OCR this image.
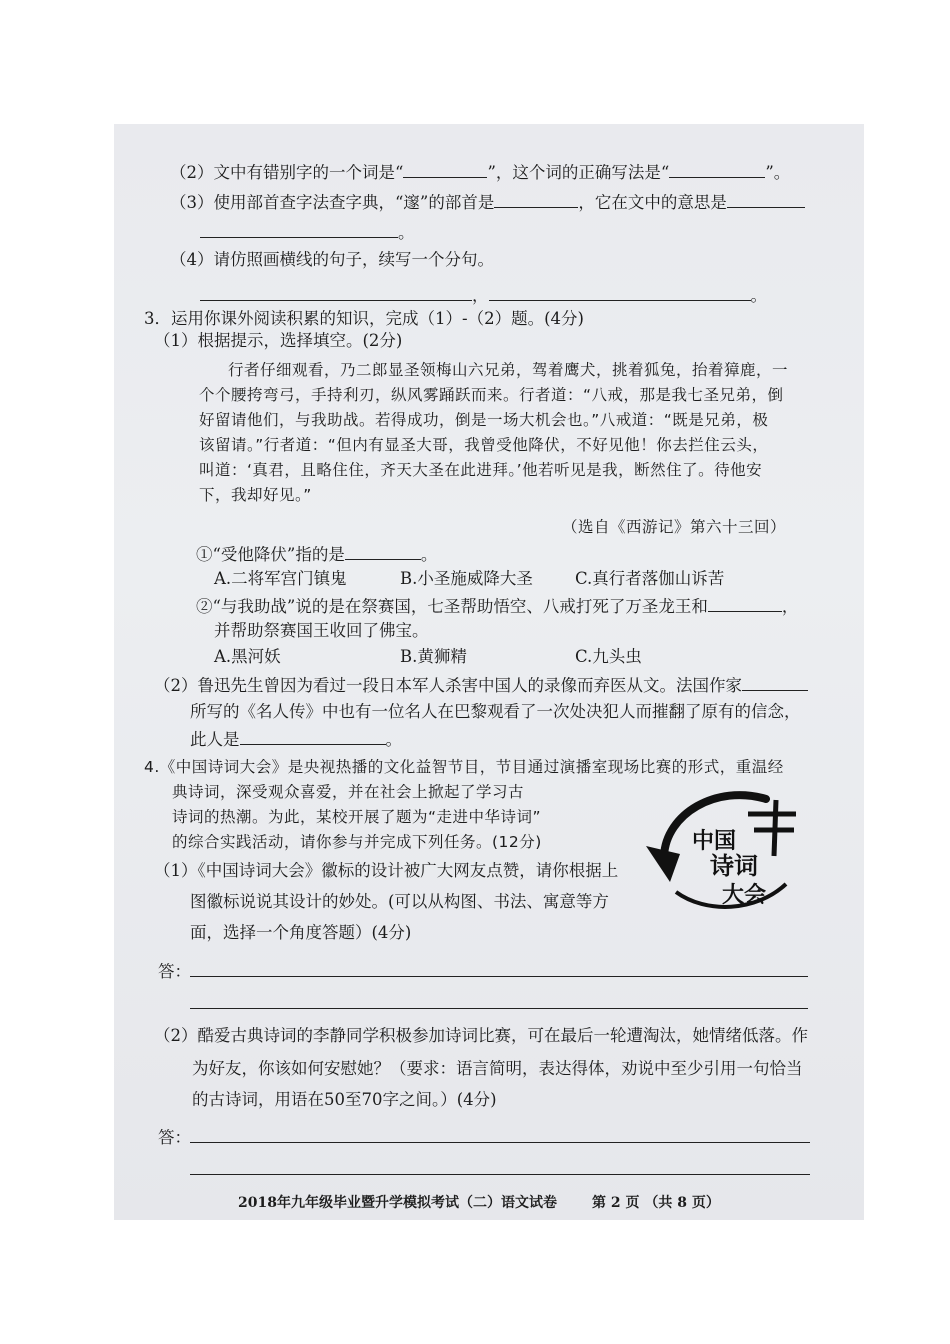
（2）文中有错别字的一个词是“	”，这个词的正确写法是“	”。
（3）使用部首查字法查字典，“邃”的部首是	，它在文中的意思是
。
（4）请仿照画横线的句子，续写一个分句。
，	。
3．运用你课外阅读积累的知识，完成（1）-（2）题。(4分)
（1）根据提示，选择填空。(2分)
行者仔细观看，乃二郎显圣领梅山六兄弟，驾着鹰犬，挑着狐兔，抬着獐鹿，一
个个腰挎弯弓，手持利刃，纵风雾踊跃而来。行者道：“八戒，那是我七圣兄弟，倒
好留请他们，与我助战。若得成功，倒是一场大机会也。”八戒道：“既是兄弟，极
该留请。”行者道：“但内有显圣大哥，我曾受他降伏，不好见他！你去拦住云头，
叫道：‘真君，且略住住，齐天大圣在此进拜。’他若听见是我，断然住了。待他安
下，我却好见。”
（选自《西游记》第六十三回）
①“受他降伏”指的是	。
A.二将军宫门镇鬼	B.小圣施威降大圣	C.真行者落伽山诉苦
②“与我助战”说的是在祭赛国，七圣帮助悟空、八戒打死了万圣龙王和	，
并帮助祭赛国王收回了佛宝。
A.黑河妖	B.黄狮精	C.九头虫
（2）鲁迅先生曾因为看过一段日本军人杀害中国人的录像而弃医从文。法国作家
所写的《名人传》中也有一位名人在巴黎观看了一次处决犯人而摧翻了原有的信念，
此人是	。
4.《中国诗词大会》是央视热播的文化益智节目，节目通过演播室现场比赛的形式，重温经
典诗词，深受观众喜爱，并在社会上掀起了学习古
诗词的热潮。为此，某校开展了题为“走进中华诗词”
的综合实践活动，请你参与并完成下列任务。(12分)	中国
诗词
大会
（1）《中国诗词大会》徽标的设计被广大网友点赞，请你根据上
图徽标说说其设计的妙处。(可以从构图、书法、寓意等方
面，选择一个角度答题）(4分)
答：
（2）酷爱古典诗词的李静同学积极参加诗词比赛，可在最后一轮遭淘汰，她情绪低落。作
为好友，你该如何安慰她？（要求：语言简明，表达得体，劝说中至少引用一句恰当
的古诗词，用语在50至70字之间。）(4分)
答：
2018年九年级毕业暨升学模拟考试（二）语文试卷	第 2 页 （共 8 页）
